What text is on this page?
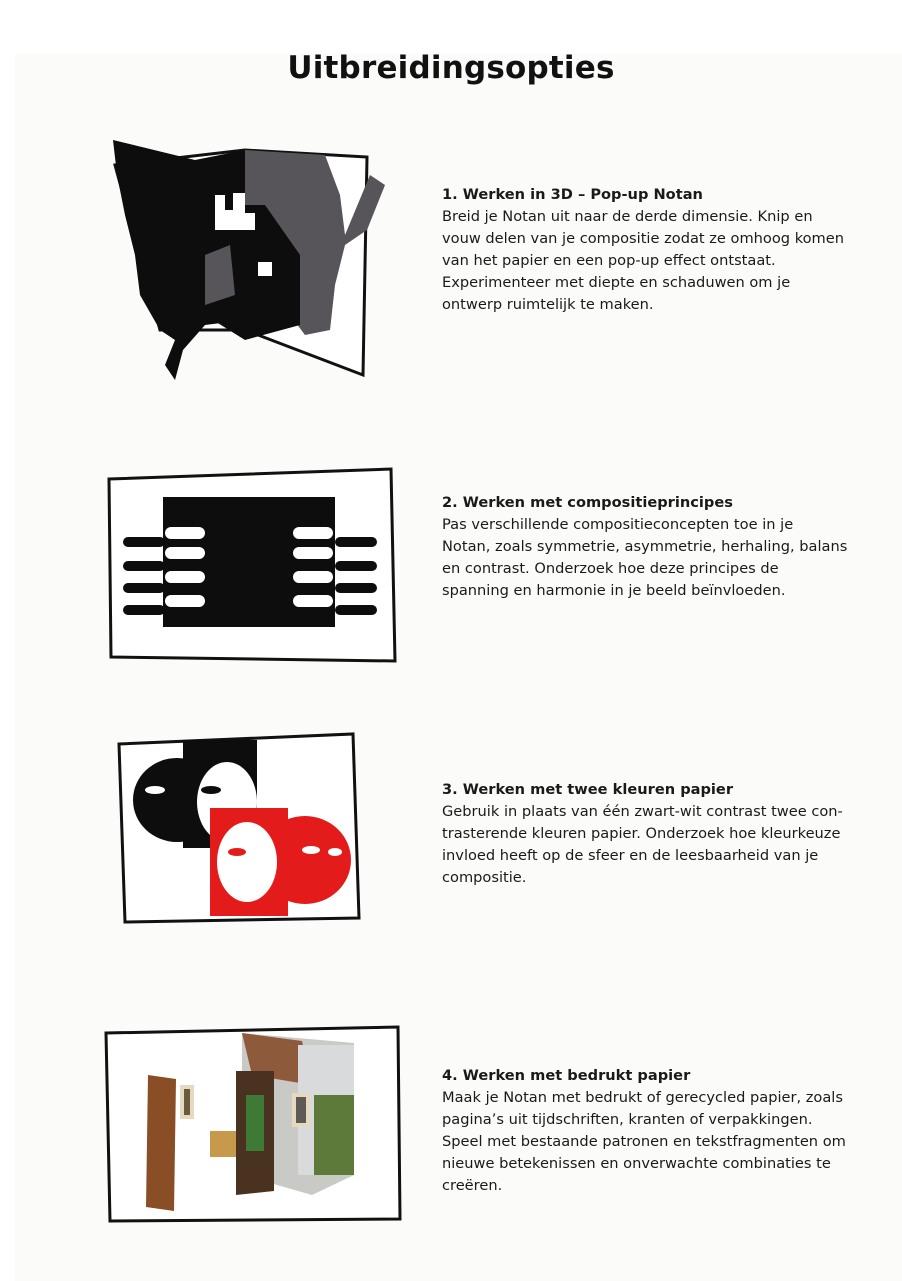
Uitbreidingsopties
1. Werken in 3D – Pop-up Notan
Breid je Notan uit naar de derde dimensie. Knip en
vouw delen van je compositie zodat ze omhoog komen
van het papier en een pop-up effect ontstaat.
Experimenteer met diepte en schaduwen om je
ontwerp ruimtelijk te maken.
2. Werken met compositieprincipes
Pas verschillende compositieconcepten toe in je
Notan, zoals symmetrie, asymmetrie, herhaling, balans
en contrast. Onderzoek hoe deze principes de
spanning en harmonie in je beeld beïnvloeden.
3. Werken met twee kleuren papier
Gebruik in plaats van één zwart-wit contrast twee con-
trasterende kleuren papier. Onderzoek hoe kleurkeuze
invloed heeft op de sfeer en de leesbaarheid van je
compositie.
4. Werken met bedrukt papier
Maak je Notan met bedrukt of gerecycled papier, zoals
pagina’s uit tijdschriften, kranten of verpakkingen.
Speel met bestaande patronen en tekstfragmenten om
nieuwe betekenissen en onverwachte combinaties te
creëren.
